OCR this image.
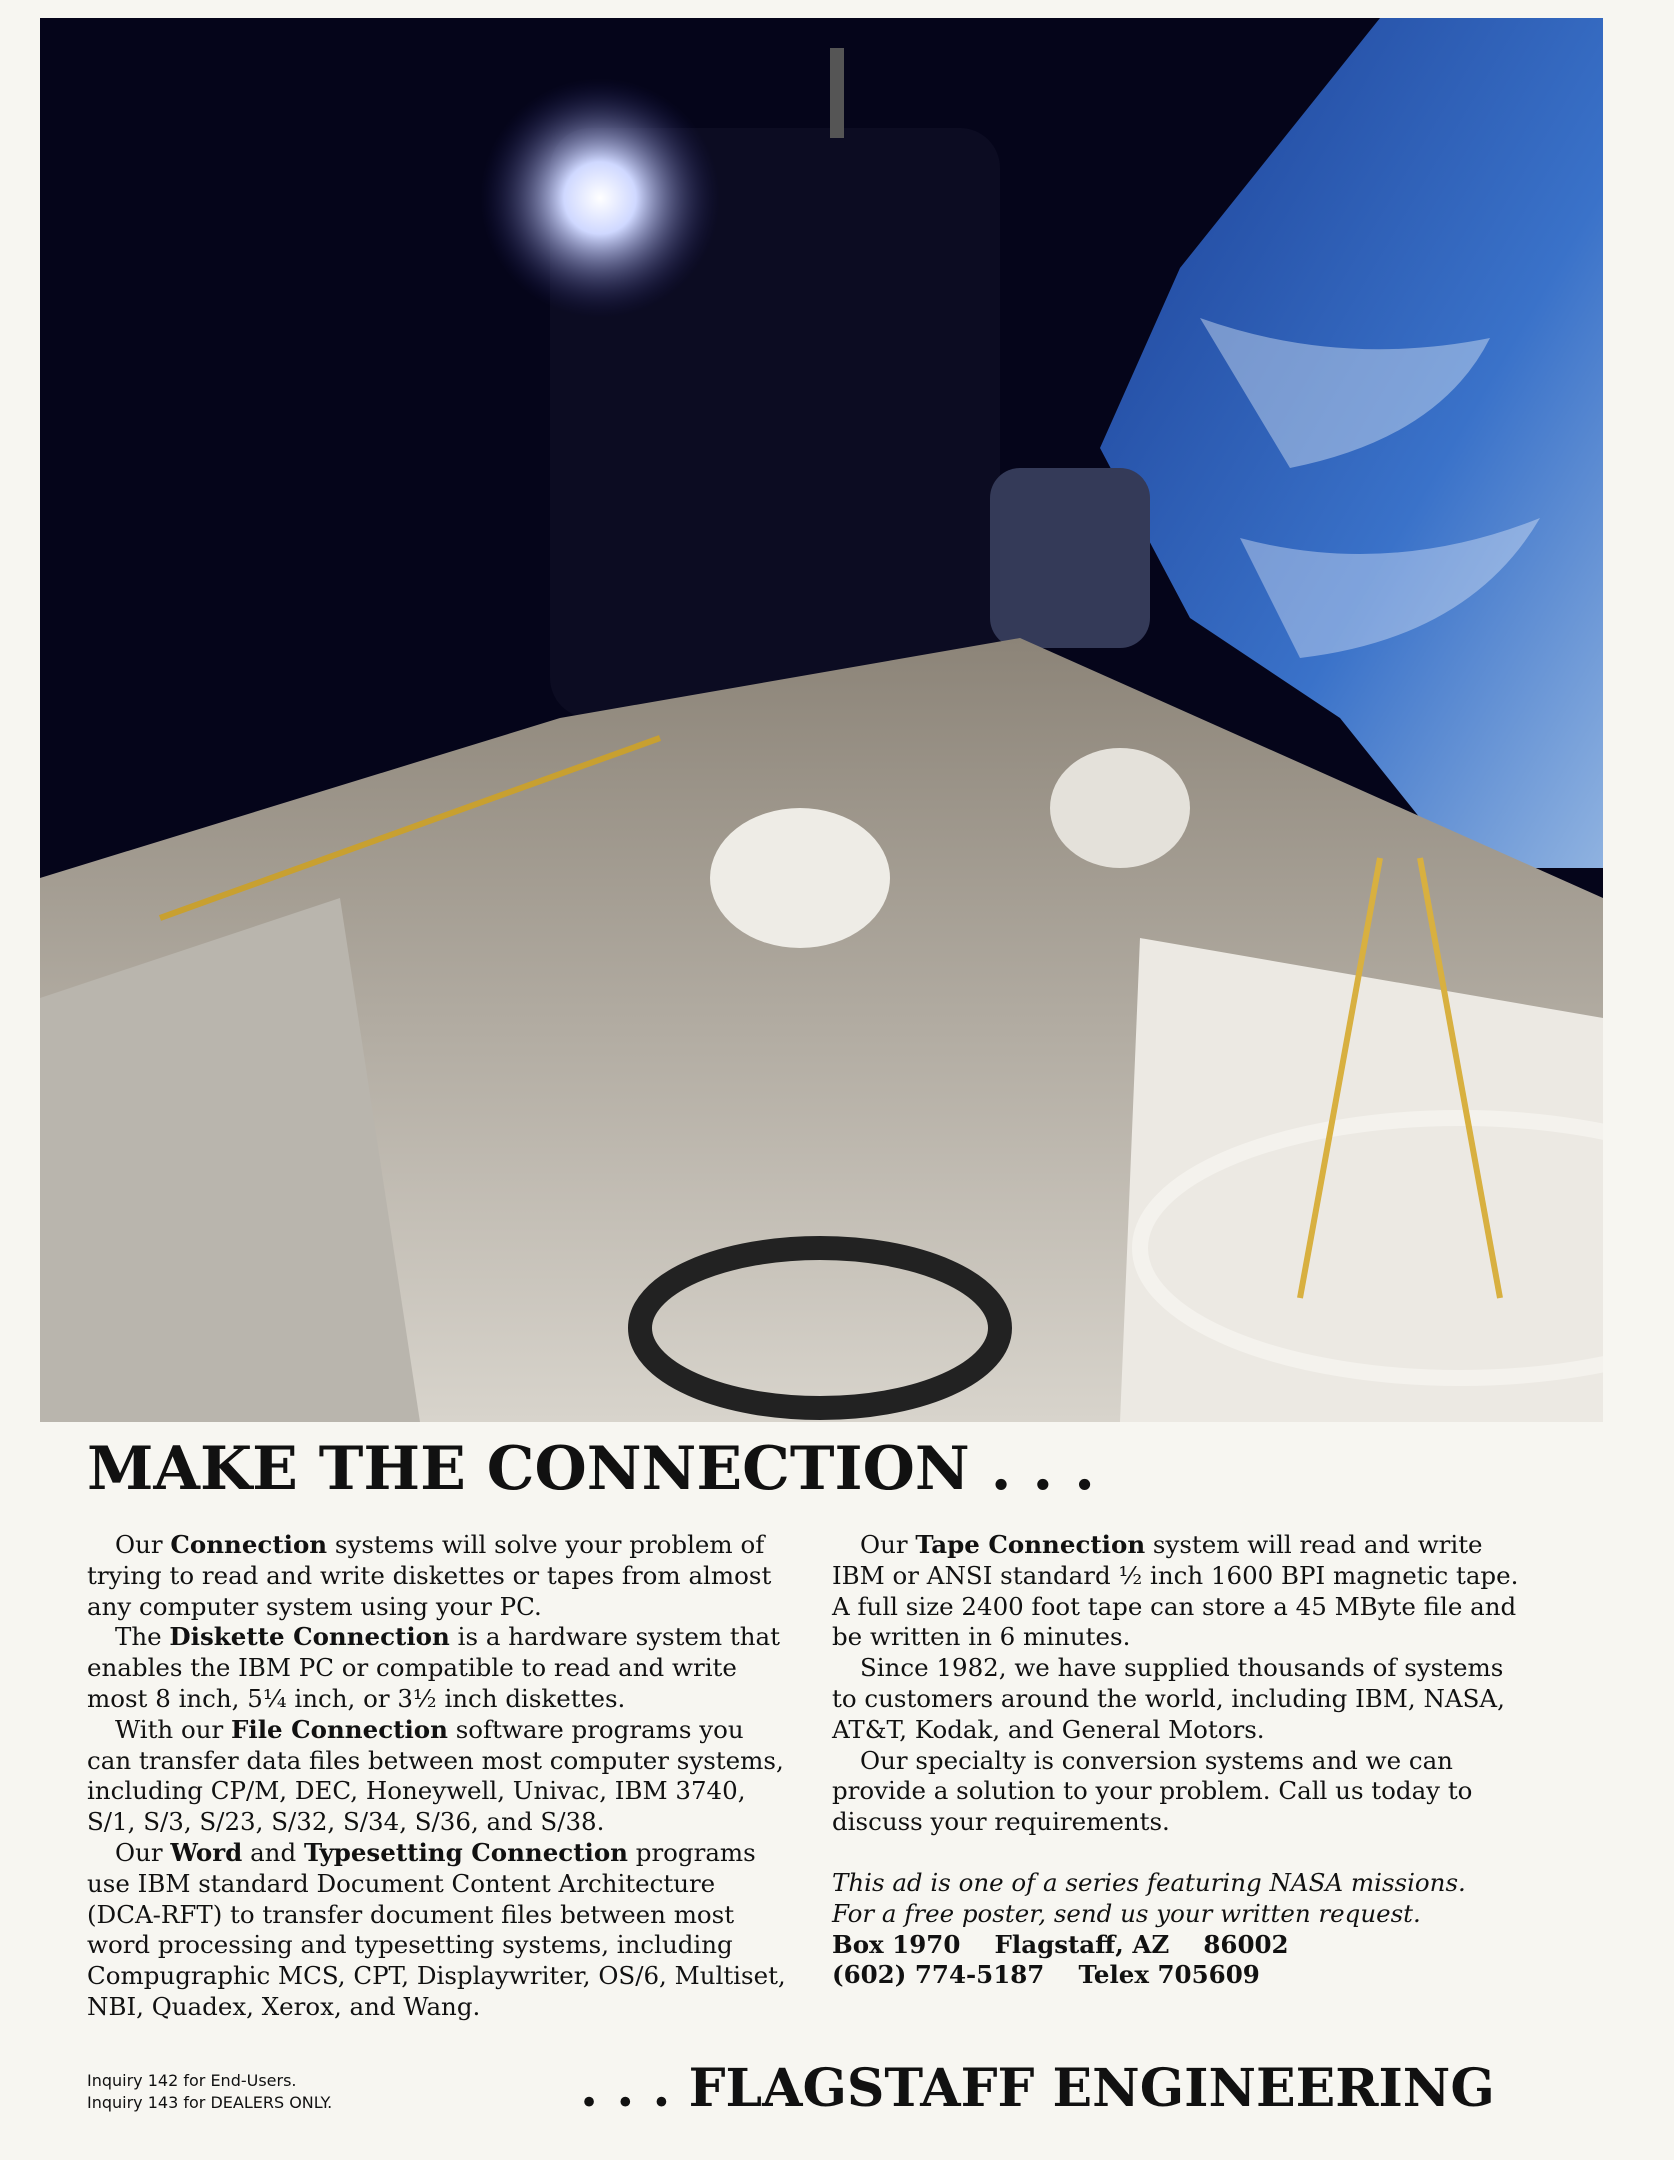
MAKE THE CONNECTION . . .

Our Connection systems will solve your problem of trying to read and write diskettes or tapes from almost any computer system using your PC.

The Diskette Connection is a hardware system that enables the IBM PC or compatible to read and write most 8 inch, 5¼ inch, or 3½ inch diskettes.

With our File Connection software programs you can transfer data files between most computer systems, including CP/M, DEC, Honeywell, Univac, IBM 3740, S/1, S/3, S/23, S/32, S/34, S/36, and S/38.

Our Word and Typesetting Connection programs use IBM standard Document Content Architecture (DCA-RFT) to transfer document files between most word processing and typesetting systems, including Compugraphic MCS, CPT, Displaywriter, OS/6, Multiset, NBI, Quadex, Xerox, and Wang.

Our Tape Connection system will read and write IBM or ANSI standard ½ inch 1600 BPI magnetic tape. A full size 2400 foot tape can store a 45 MByte file and be written in 6 minutes.

Since 1982, we have supplied thousands of systems to customers around the world, including IBM, NASA, AT&T, Kodak, and General Motors.

Our specialty is conversion systems and we can provide a solution to your problem. Call us today to discuss your requirements.

This ad is one of a series featuring NASA missions.
For a free poster, send us your written request.

Box 1970    Flagstaff, AZ    86002
(602) 774-5187    Telex 705609

Inquiry 142 for End-Users.
Inquiry 143 for DEALERS ONLY.	. . . FLAGSTAFF ENGINEERING
